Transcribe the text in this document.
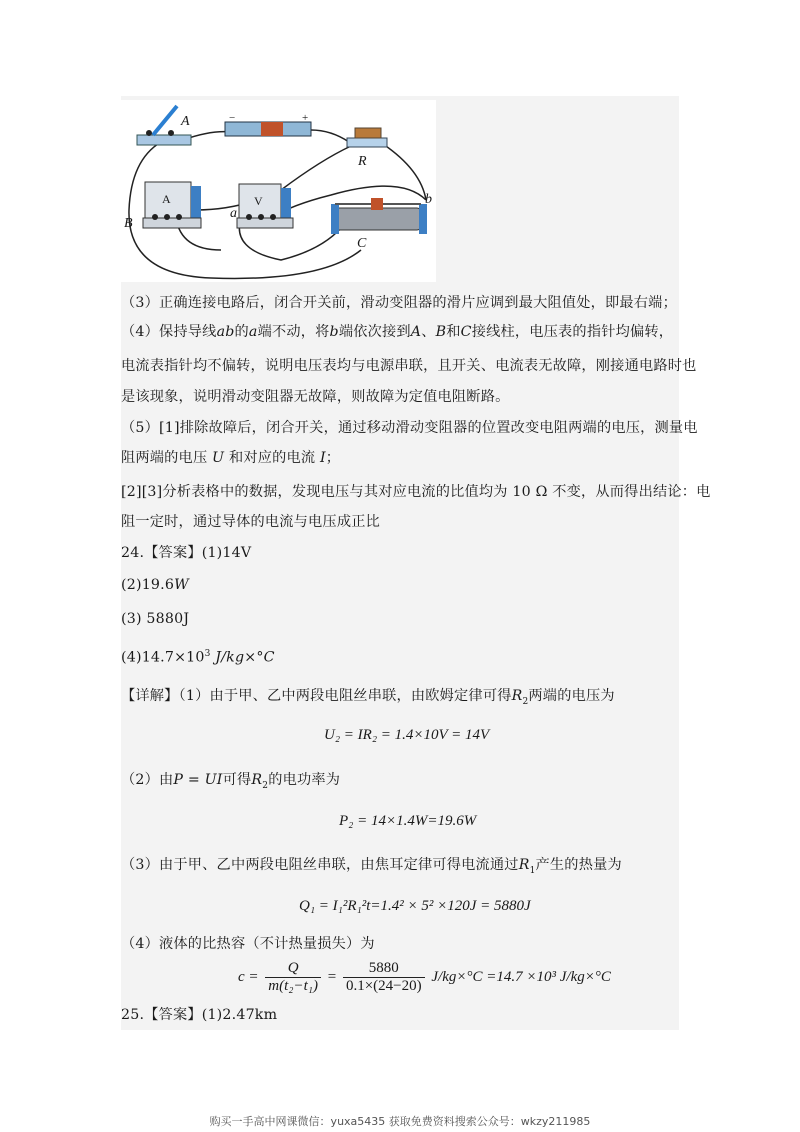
A
B
R
a
b
C
A	V
−	+
（3）正确连接电路后，闭合开关前，滑动变阻器的滑片应调到最大阻值处，即最右端；
（4）保持导线ab的a端不动，将b端依次接到A、B和C接线柱，电压表的指针均偏转，
电流表指针均不偏转，说明电压表均与电源串联，且开关、电流表无故障，刚接通电路时也
是该现象，说明滑动变阻器无故障，则故障为定值电阻断路。
（5）[1]排除故障后，闭合开关，通过移动滑动变阻器的位置改变电阻两端的电压，测量电
阻两端的电压 U 和对应的电流 I；
[2][3]分析表格中的数据，发现电压与其对应电流的比值均为 10 Ω 不变，从而得出结论：电
阻一定时，通过导体的电流与电压成正比
24.【答案】(1)14V
(2)19.6W
(3) 5880J
$(4)14.7\times 10^3$ J/kg×°C
【详解】（1）由于甲、乙中两段电阻丝串联，由欧姆定律可得$R_2$两端的电压为
U₂ = IR₂ = 1.4×10V = 14V
（2）由P = UI可得$R_2$的电功率为
P₂ = 14×1.4W=19.6W
（3）由于甲、乙中两段电阻丝串联，由焦耳定律可得电流通过$R_1$产生的热量为
Q₁ = I₁²R₁²t=1.4² × 5² ×120J = 5880J
（4）液体的比热容（不计热量损失）为
$c = \frac{Q}{\text{m(t₂−t₁)}} = \frac{5880}{0.1\times(24-20)} J/kg\times^\circ C =14.7 \times 10^3$ J/kg×°C
25.【答案】(1)2.47km
购买一手高中网课微信：yuxa5435 获取免费资料搜索公众号：wkzy211985
